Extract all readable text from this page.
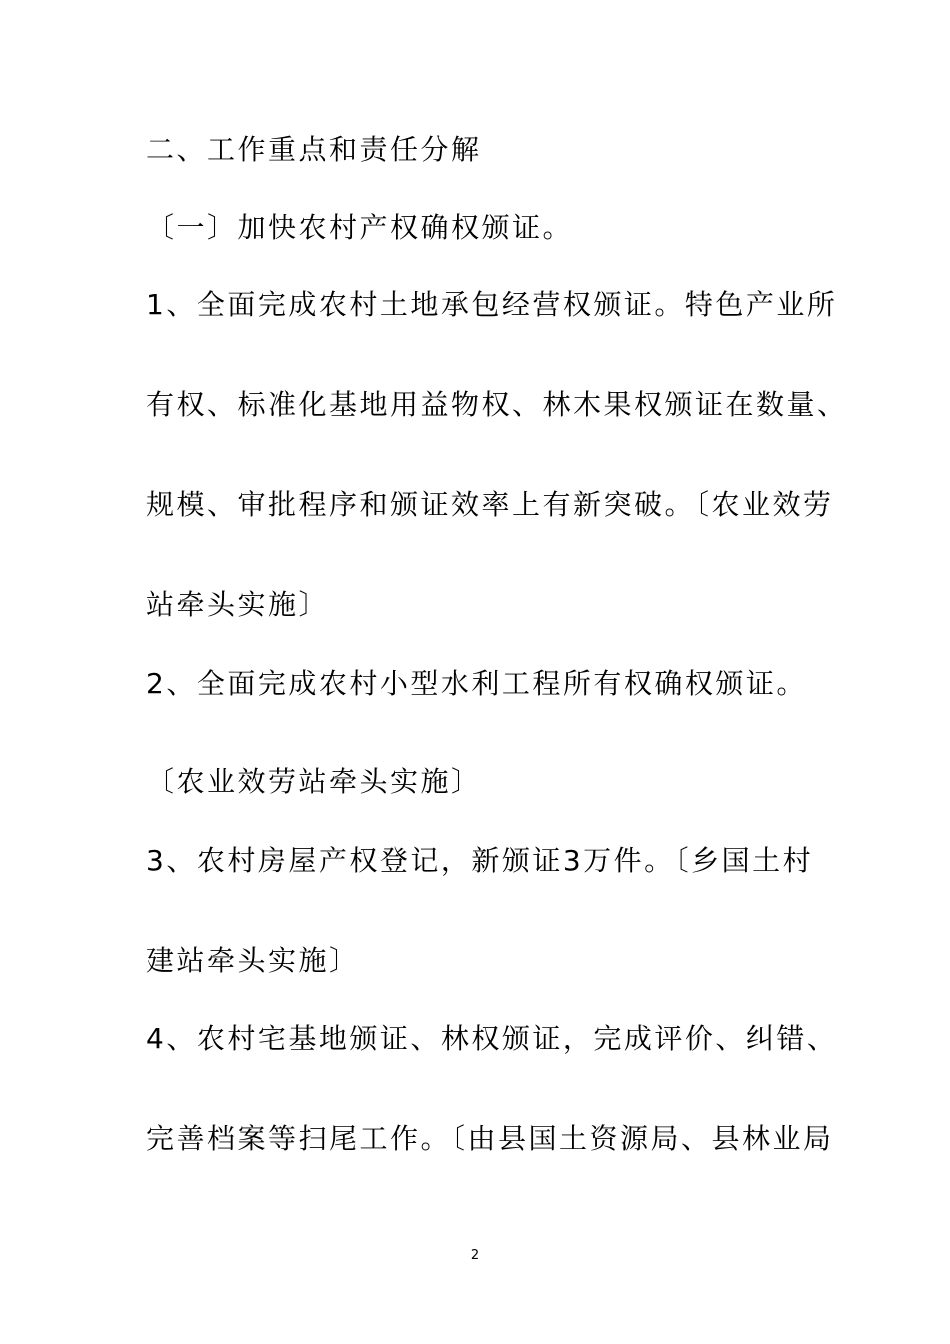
二、工作重点和责任分解
〔一〕加快农村产权确权颁证。
1、全面完成农村土地承包经营权颁证。特色产业所
有权、标准化基地用益物权、林木果权颁证在数量、
规模、审批程序和颁证效率上有新突破。〔农业效劳
站牵头实施〕
2、全面完成农村小型水利工程所有权确权颁证。
〔农业效劳站牵头实施〕
3、农村房屋产权登记，新颁证3万件。〔乡国土村
建站牵头实施〕
4、农村宅基地颁证、林权颁证，完成评价、纠错、
完善档案等扫尾工作。〔由县国土资源局、县林业局
2
